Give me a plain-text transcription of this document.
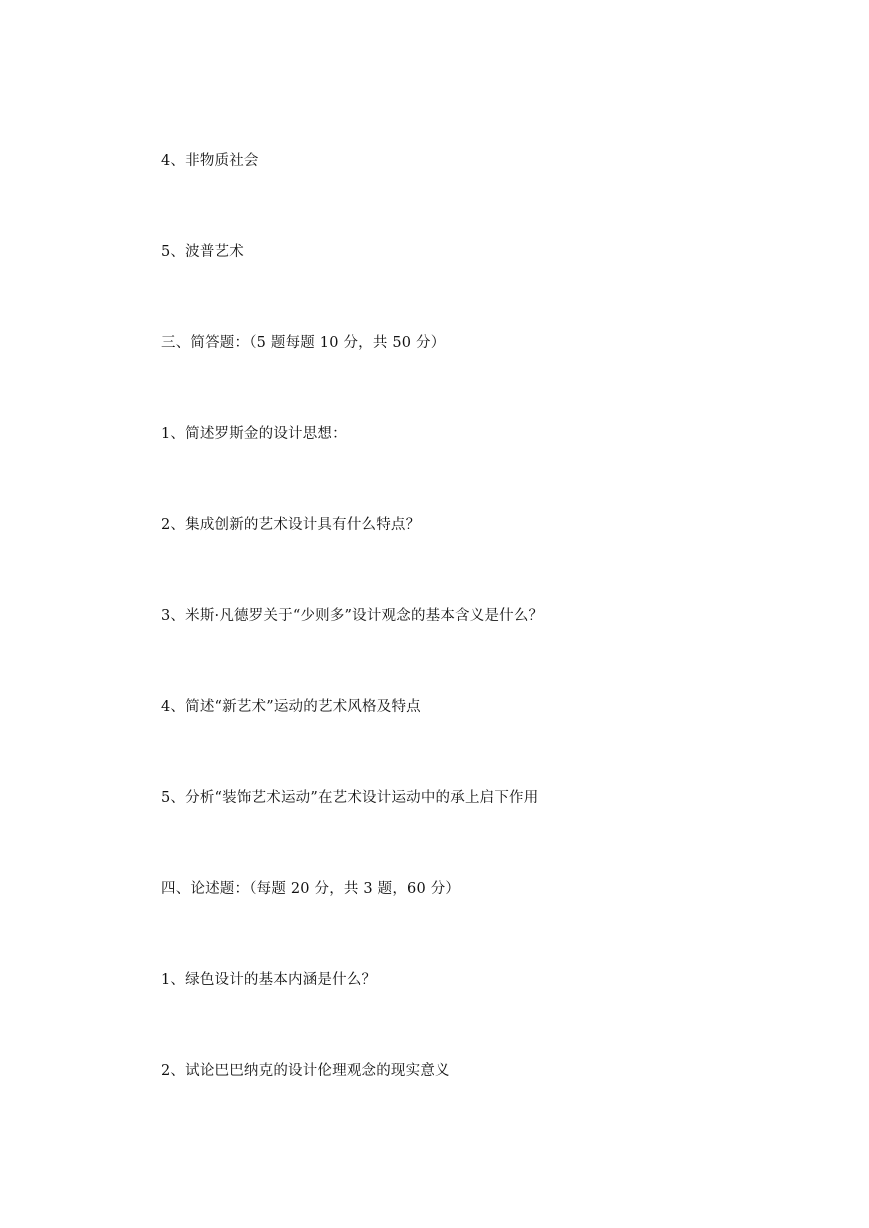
4、非物质社会
5、波普艺术
三、简答题：（5 题每题 10 分，共 50 分）
1、简述罗斯金的设计思想：
2、集成创新的艺术设计具有什么特点？
3、米斯·凡德罗关于“少则多”设计观念的基本含义是什么？
4、简述“新艺术”运动的艺术风格及特点
5、分析“装饰艺术运动”在艺术设计运动中的承上启下作用
四、论述题：（每题 20 分，共 3 题，60 分）
1、绿色设计的基本内涵是什么？
2、试论巴巴纳克的设计伦理观念的现实意义
